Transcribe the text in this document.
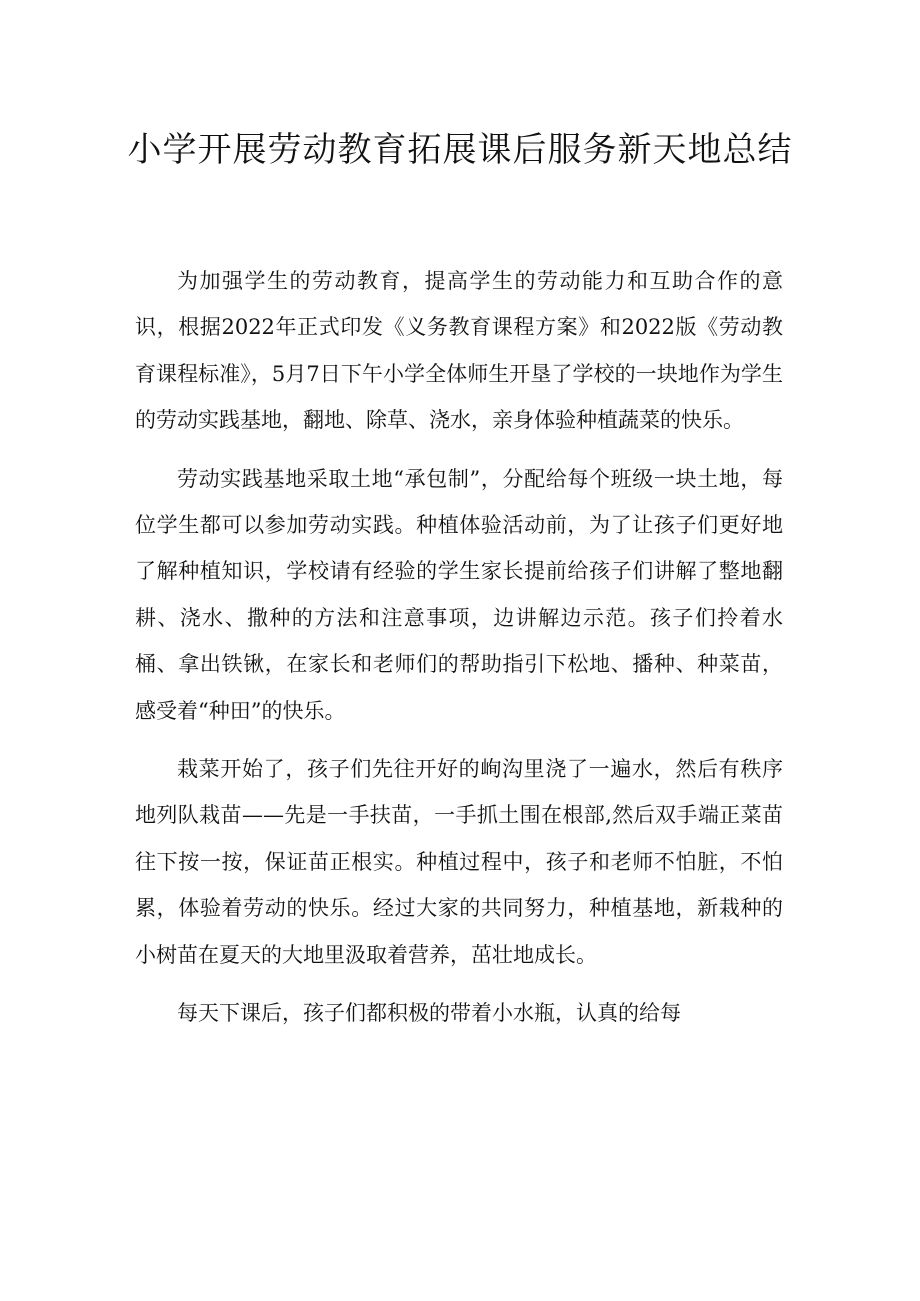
小学开展劳动教育拓展课后服务新天地总结

为加强学生的劳动教育，提高学生的劳动能力和互助合作的意识，根据2022年正式印发《义务教育课程方案》和2022版《劳动教育课程标准》，5月7日下午小学全体师生开垦了学校的一块地作为学生的劳动实践基地，翻地、除草、浇水，亲身体验种植蔬菜的快乐。

劳动实践基地采取土地“承包制”，分配给每个班级一块土地，每位学生都可以参加劳动实践。种植体验活动前，为了让孩子们更好地了解种植知识，学校请有经验的学生家长提前给孩子们讲解了整地翻耕、浇水、撒种的方法和注意事项，边讲解边示范。孩子们拎着水桶、拿出铁锹，在家长和老师们的帮助指引下松地、播种、种菜苗，感受着“种田”的快乐。

栽菜开始了，孩子们先往开好的峋沟里浇了一遍水，然后有秩序地列队栽苗——先是一手扶苗，一手抓土围在根部,然后双手端正菜苗往下按一按，保证苗正根实。种植过程中，孩子和老师不怕脏，不怕累，体验着劳动的快乐。经过大家的共同努力，种植基地，新栽种的小树苗在夏天的大地里汲取着营养，茁壮地成长。

每天下课后，孩子们都积极的带着小水瓶，认真的给每
